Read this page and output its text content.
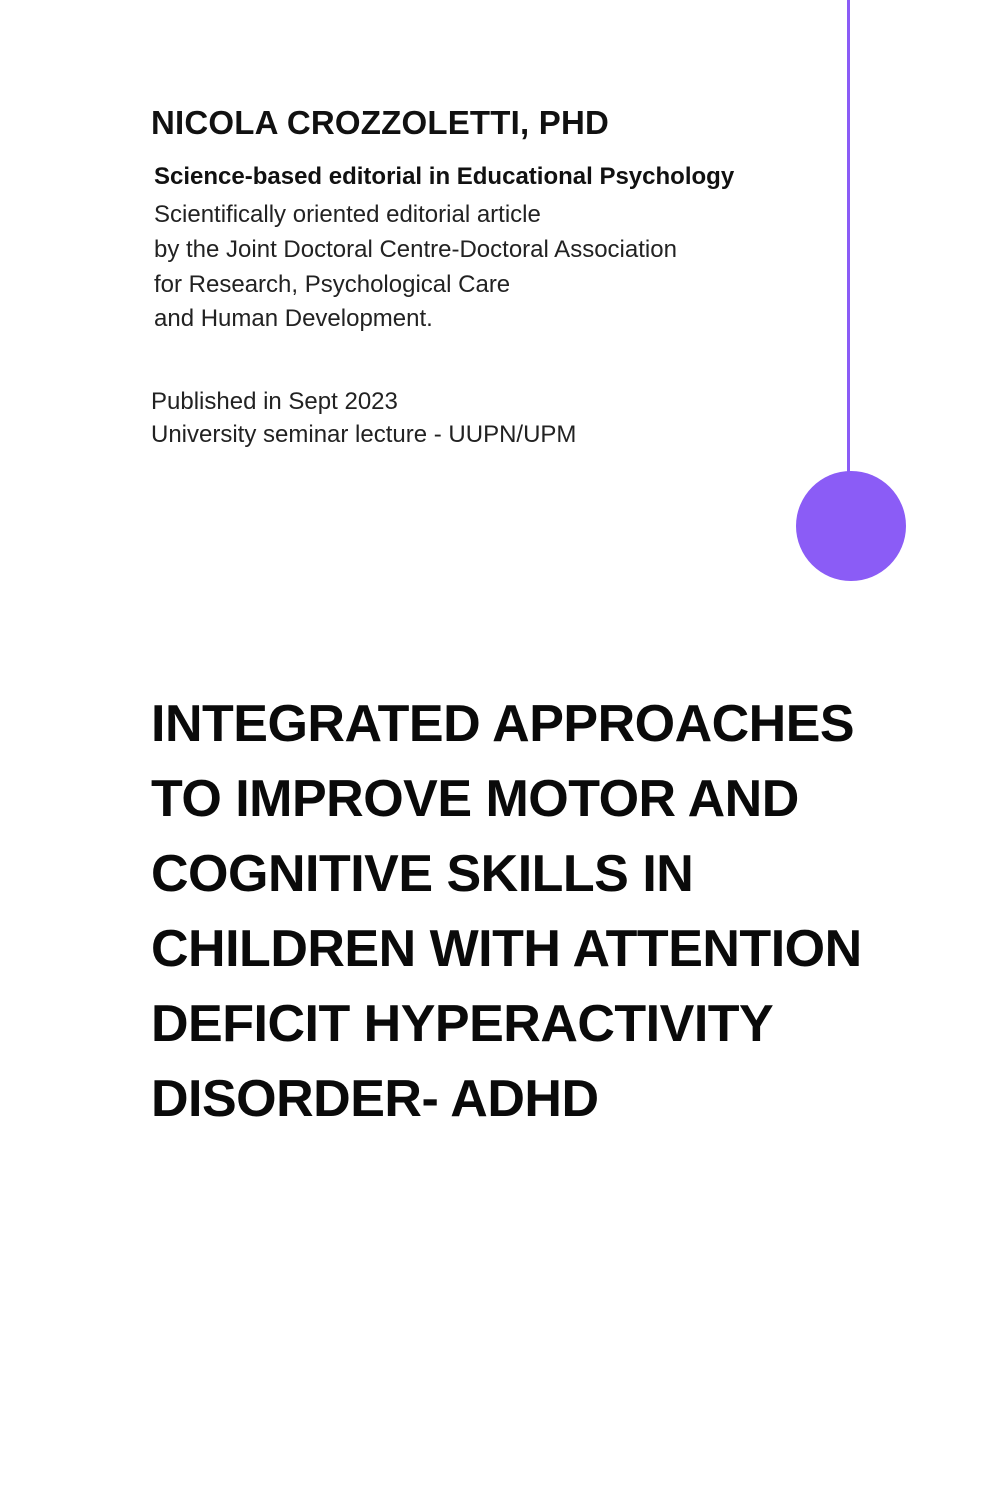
NICOLA CROZZOLETTI, PHD
Science-based editorial in Educational Psychology
Scientifically oriented editorial article
by the Joint Doctoral Centre-Doctoral Association
for Research, Psychological Care
and Human Development.
Published in Sept 2023
University seminar lecture - UUPN/UPM
INTEGRATED APPROACHES
TO IMPROVE MOTOR AND
COGNITIVE SKILLS IN
CHILDREN WITH ATTENTION
DEFICIT HYPERACTIVITY
DISORDER- ADHD
